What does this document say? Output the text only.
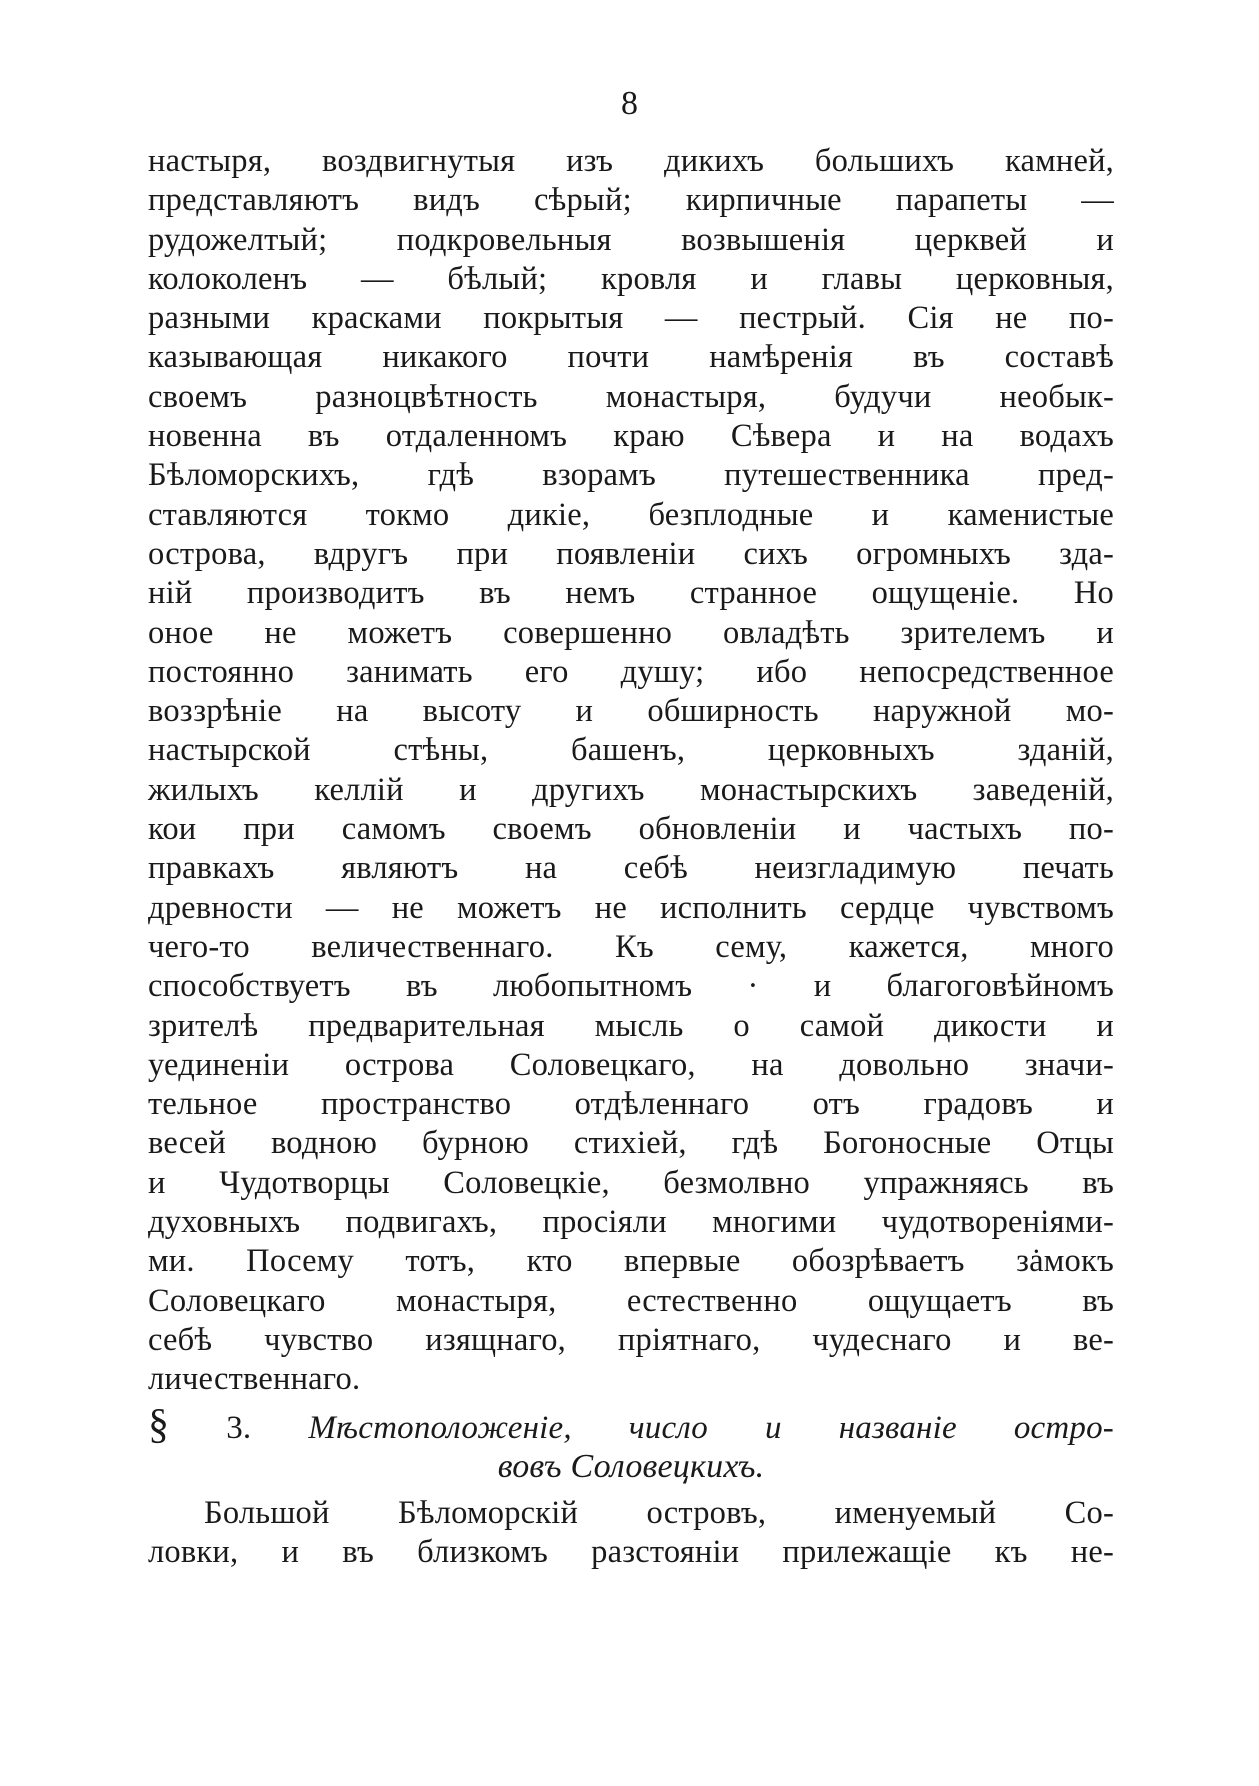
8
настыря, воздвигнутыя изъ дикихъ большихъ камней,
представляютъ видъ сѣрый; кирпичные парапеты —
рудожелтый; подкровельныя возвышенія церквей и
колоколенъ — бѣлый; кровля и главы церковныя,
разными красками покрытыя — пестрый. Сія не по-
казывающая никакого почти намѣренія въ составѣ
своемъ разноцвѣтность монастыря, будучи необык-
новенна въ отдаленномъ краю Сѣвера и на водахъ
Бѣломорскихъ, гдѣ взорамъ путешественника пред-
ставляются токмо дикіе, безплодные и каменистые
острова, вдругъ при появленіи сихъ огромныхъ зда-
ній производитъ въ немъ странное ощущеніе. Но
оное не можетъ совершенно овладѣть зрителемъ и
постоянно занимать его душу; ибо непосредственное
воззрѣніе на высоту и обширность наружной мо-
настырской стѣны, башенъ, церковныхъ зданій,
жилыхъ келлій и другихъ монастырскихъ заведеній,
кои при самомъ своемъ обновленіи и частыхъ по-
правкахъ являютъ на себѣ неизгладимую печать
древности — не можетъ не исполнить сердце чувствомъ
чего-то величественнаго. Къ сему, кажется, много
способствуетъ въ любопытномъ · и благоговѣйномъ
зрителѣ предварительная мысль о самой дикости и
уединеніи острова Соловецкаго, на довольно значи-
тельное пространство отдѣленнаго отъ градовъ и
весей водною бурною стихіей, гдѣ Богоносные Отцы
и Чудотворцы Соловецкіе, безмолвно упражняясь въ
духовныхъ подвигахъ, просіяли многими чудотвореніями-
ми. Посему тотъ, кто впервые обозрѣваетъ зȧмокъ
Соловецкаго монастыря, естественно ощущаетъ въ
себѣ чувство изящнаго, пріятнаго, чудеснаго и ве-
личественнаго.
§ 3. Мѣстоположеніе, число и названіе остро-
вовъ Соловецкихъ.
Большой Бѣломорскій островъ, именуемый Со-
ловки, и въ близкомъ разстояніи прилежащіе къ не-
